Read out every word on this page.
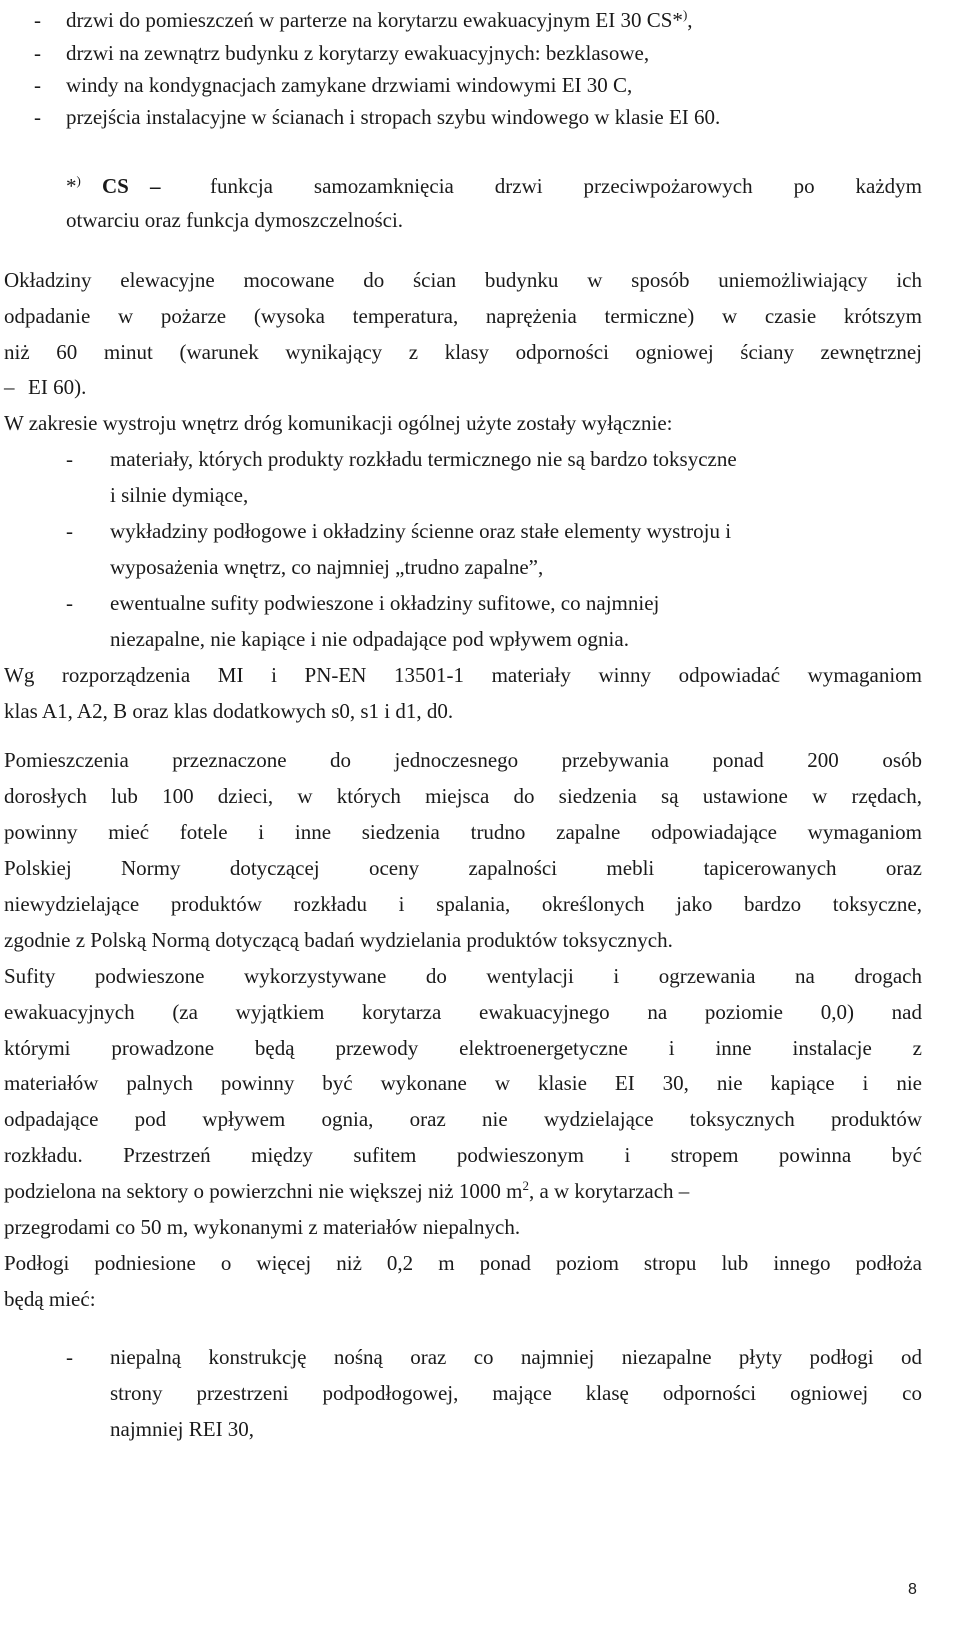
- drzwi do pomieszczeń w parterze na korytarzu ewakuacyjnym EI 30 CS*),
- drzwi na zewnątrz budynku z korytarzy ewakuacyjnych: bezklasowe,
- windy na kondygnacjach zamykane drzwiami windowymi EI 30 C,
- przejścia instalacyjne w ścianach i stropach szybu windowego w klasie EI 60.
*) CS – funkcja samozamknięcia drzwi przeciwpożarowych po każdym
otwarciu oraz funkcja dymoszczelności.
Okładziny elewacyjne mocowane do ścian budynku w sposób uniemożliwiający ich
odpadanie w pożarze (wysoka temperatura, naprężenia termiczne) w czasie krótszym
niż 60 minut (warunek wynikający z klasy odporności ogniowej ściany zewnętrznej
– EI 60).
W zakresie wystroju wnętrz dróg komunikacji ogólnej użyte zostały wyłącznie:
- materiały, których produkty rozkładu termicznego nie są bardzo toksyczne
i silnie dymiące,
- wykładziny podłogowe i okładziny ścienne oraz stałe elementy wystroju i
wyposażenia wnętrz, co najmniej „trudno zapalne”,
- ewentualne sufity podwieszone i okładziny sufitowe, co najmniej
niezapalne, nie kapiące i nie odpadające pod wpływem ognia.
Wg rozporządzenia MI i PN-EN 13501-1 materiały winny odpowiadać wymaganiom
klas A1, A2, B oraz klas dodatkowych s0, s1 i d1, d0.
Pomieszczenia przeznaczone do jednoczesnego przebywania ponad 200 osób
dorosłych lub 100 dzieci, w których miejsca do siedzenia są ustawione w rzędach,
powinny mieć fotele i inne siedzenia trudno zapalne odpowiadające wymaganiom
Polskiej Normy dotyczącej oceny zapalności mebli tapicerowanych oraz
niewydzielające produktów rozkładu i spalania, określonych jako bardzo toksyczne,
zgodnie z Polską Normą dotyczącą badań wydzielania produktów toksycznych.
Sufity podwieszone wykorzystywane do wentylacji i ogrzewania na drogach
ewakuacyjnych (za wyjątkiem korytarza ewakuacyjnego na poziomie 0,0) nad
którymi prowadzone będą przewody elektroenergetyczne i inne instalacje z
materiałów palnych powinny być wykonane w klasie EI 30, nie kapiące i nie
odpadające pod wpływem ognia, oraz nie wydzielające toksycznych produktów
rozkładu. Przestrzeń między sufitem podwieszonym i stropem powinna być
podzielona na sektory o powierzchni nie większej niż 1000 $m^2$, a w korytarzach –
przegrodami co 50 m, wykonanymi z materiałów niepalnych.
Podłogi podniesione o więcej niż 0,2 m ponad poziom stropu lub innego podłoża
będą mieć:
- niepalną konstrukcję nośną oraz co najmniej niezapalne płyty podłogi od
strony przestrzeni podpodłogowej, mające klasę odporności ogniowej co
najmniej REI 30,
8
